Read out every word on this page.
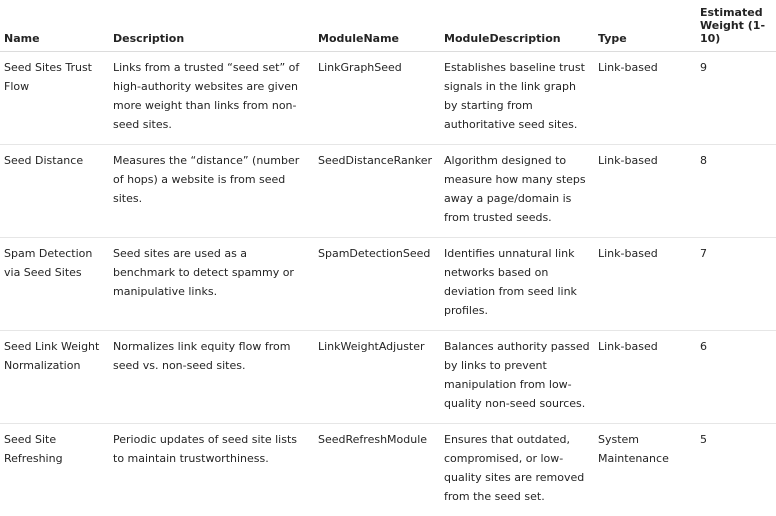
Name	Description	ModuleName	ModuleDescription	Type	Estimated Weight (1-10)
Seed Sites Trust Flow	Links from a trusted “seed set” of high-authority websites are given more weight than links from non-seed sites.	LinkGraphSeed	Establishes baseline trust signals in the link graph by starting from authoritative seed sites.	Link-based	9
Seed Distance	Measures the “distance” (number of hops) a website is from seed sites.	SeedDistanceRanker	Algorithm designed to measure how many steps away a page/domain is from trusted seeds.	Link-based	8
Spam Detection via Seed Sites	Seed sites are used as a benchmark to detect spammy or manipulative links.	SpamDetectionSeed	Identifies unnatural link networks based on deviation from seed link profiles.	Link-based	7
Seed Link Weight Normalization	Normalizes link equity flow from seed vs. non-seed sites.	LinkWeightAdjuster	Balances authority passed by links to prevent manipulation from low-quality non-seed sources.	Link-based	6
Seed Site Refreshing	Periodic updates of seed site lists to maintain trustworthiness.	SeedRefreshModule	Ensures that outdated, compromised, or low-quality sites are removed from the seed set.	System Maintenance	5
